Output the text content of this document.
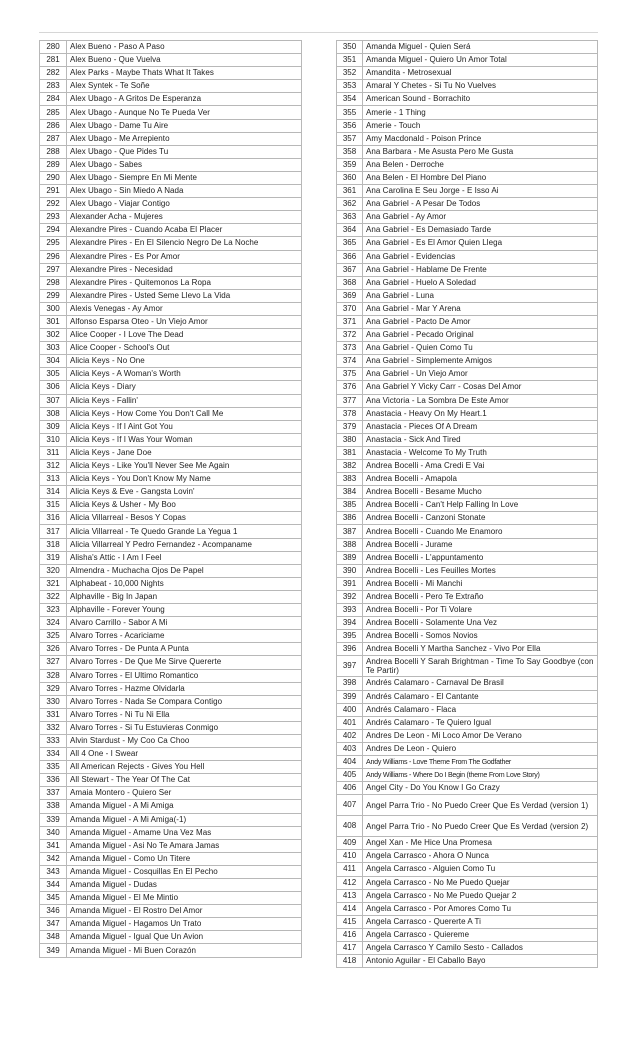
280	Alex Bueno - Paso A Paso
281	Alex Bueno - Que Vuelva
282	Alex Parks - Maybe Thats What It Takes
283	Alex Syntek - Te Soñe
284	Alex Ubago - A Gritos De Esperanza
285	Alex Ubago - Aunque No Te Pueda Ver
286	Alex Ubago - Dame Tu Aire
287	Alex Ubago - Me Arrepiento
288	Alex Ubago - Que Pides Tu
289	Alex Ubago - Sabes
290	Alex Ubago - Siempre En Mi Mente
291	Alex Ubago - Sin Miedo A Nada
292	Alex Ubago - Viajar Contigo
293	Alexander Acha - Mujeres
294	Alexandre Pires - Cuando Acaba El Placer
295	Alexandre Pires - En El Silencio Negro De La Noche
296	Alexandre Pires - Es Por Amor
297	Alexandre Pires - Necesidad
298	Alexandre Pires - Quitemonos La Ropa
299	Alexandre Pires - Usted Seme Llevo La Vida
300	Alexis Venegas - Ay Amor
301	Alfonso Esparsa Oteo - Un Viejo Amor
302	Alice Cooper - I Love The Dead
303	Alice Cooper - School's Out
304	Alicia Keys - No One
305	Alicia Keys - A Woman's Worth
306	Alicia Keys - Diary
307	Alicia Keys - Fallin'
308	Alicia Keys - How Come You Don't Call Me
309	Alicia Keys - If I Aint Got You
310	Alicia Keys - If I Was Your Woman
311	Alicia Keys - Jane Doe
312	Alicia Keys - Like You'll Never See Me Again
313	Alicia Keys - You Don't Know My Name
314	Alicia Keys & Eve - Gangsta Lovin'
315	Alicia Keys & Usher - My Boo
316	Alicia Villarreal - Besos Y Copas
317	Alicia Villarreal - Te Quedo Grande La Yegua 1
318	Alicia Villarreal Y Pedro Fernandez - Acompaname
319	Alisha's Attic - I Am I Feel
320	Almendra - Muchacha Ojos De Papel
321	Alphabeat - 10,000 Nights
322	Alphaville - Big In Japan
323	Alphaville - Forever Young
324	Alvaro Carrillo - Sabor A Mi
325	Alvaro Torres - Acariciame
326	Alvaro Torres - De Punta A Punta
327	Alvaro Torres - De Que Me Sirve Quererte
328	Alvaro Torres - El Ultimo Romantico
329	Alvaro Torres - Hazme Olvidarla
330	Alvaro Torres - Nada Se Compara Contigo
331	Alvaro Torres - Ni Tu Ni Ella
332	Alvaro Torres - Si Tu Estuvieras Conmigo
333	Alvin Stardust - My Coo Ca Choo
334	All 4 One - I Swear
335	All American Rejects - Gives You Hell
336	All Stewart - The Year Of The Cat
337	Amaia Montero - Quiero Ser
338	Amanda Miguel - A Mi Amiga
339	Amanda Miguel - A Mi Amiga(-1)
340	Amanda Miguel - Amame Una Vez Mas
341	Amanda Miguel - Asi No Te Amara Jamas
342	Amanda Miguel - Como Un Titere
343	Amanda Miguel - Cosquillas En El Pecho
344	Amanda Miguel - Dudas
345	Amanda Miguel - El Me Mintio
346	Amanda Miguel - El Rostro Del Amor
347	Amanda Miguel - Hagamos Un Trato
348	Amanda Miguel - Igual Que Un Avion
349	Amanda Miguel - Mi Buen Corazón
350	Amanda Miguel - Quien Será
351	Amanda Miguel - Quiero Un Amor Total
352	Amandita - Metrosexual
353	Amaral Y Chetes - Si Tu No Vuelves
354	American Sound - Borrachito
355	Amerie - 1 Thing
356	Amerie - Touch
357	Amy Macdonald - Poison Prince
358	Ana Barbara - Me Asusta Pero Me Gusta
359	Ana Belen - Derroche
360	Ana Belen - El Hombre Del Piano
361	Ana Carolina E Seu Jorge - E Isso Ai
362	Ana Gabriel - A Pesar De Todos
363	Ana Gabriel - Ay Amor
364	Ana Gabriel - Es Demasiado Tarde
365	Ana Gabriel - Es El Amor Quien Llega
366	Ana Gabriel - Evidencias
367	Ana Gabriel - Hablame De Frente
368	Ana Gabriel - Huelo A Soledad
369	Ana Gabriel - Luna
370	Ana Gabriel - Mar Y Arena
371	Ana Gabriel - Pacto De Amor
372	Ana Gabriel - Pecado Original
373	Ana Gabriel - Quien Como Tu
374	Ana Gabriel - Simplemente Amigos
375	Ana Gabriel - Un Viejo Amor
376	Ana Gabriel Y Vicky Carr - Cosas Del Amor
377	Ana Victoria - La Sombra De Este Amor
378	Anastacia - Heavy On My Heart.1
379	Anastacia - Pieces Of A Dream
380	Anastacia - Sick And Tired
381	Anastacia - Welcome To My Truth
382	Andrea Bocelli - Ama Credi E Vai
383	Andrea Bocelli - Amapola
384	Andrea Bocelli - Besame Mucho
385	Andrea Bocelli - Can't Help Falling In Love
386	Andrea Bocelli - Canzoni Stonate
387	Andrea Bocelli - Cuando Me Enamoro
388	Andrea Bocelli - Jurame
389	Andrea Bocelli - L'appuntamento
390	Andrea Bocelli - Les Feuilles Mortes
391	Andrea Bocelli - Mi Manchi
392	Andrea Bocelli - Pero Te Extraño
393	Andrea Bocelli - Por Ti Volare
394	Andrea Bocelli - Solamente Una Vez
395	Andrea Bocelli - Somos Novios
396	Andrea Bocelli Y Martha Sanchez - Vivo Por Ella
397	Andrea Bocelli Y Sarah Brightman - Time To Say Goodbye (con Te Partir)
398	Andrés Calamaro - Carnaval De Brasil
399	Andrés Calamaro - El Cantante
400	Andrés Calamaro - Flaca
401	Andrés Calamaro - Te Quiero Igual
402	Andres De Leon - Mi Loco Amor De Verano
403	Andres De Leon - Quiero
404	Andy Williams - Love Theme From The Godfather
405	Andy Williams - Where Do I Begin (theme From Love Story)
406	Angel City - Do You Know I Go Crazy
407	Angel Parra Trio - No Puedo Creer Que Es Verdad (version 1)
408	Angel Parra Trio - No Puedo Creer Que Es Verdad (version 2)
409	Angel Xan - Me Hice Una Promesa
410	Angela Carrasco - Ahora O Nunca
411	Angela Carrasco - Alguien Como Tu
412	Angela Carrasco - No Me Puedo Quejar
413	Angela Carrasco - No Me Puedo Quejar 2
414	Angela Carrasco - Por Amores Como Tu
415	Angela Carrasco - Quererte A Ti
416	Angela Carrasco - Quiereme
417	Angela Carrasco Y Camilo Sesto - Callados
418	Antonio Aguilar - El Caballo Bayo
